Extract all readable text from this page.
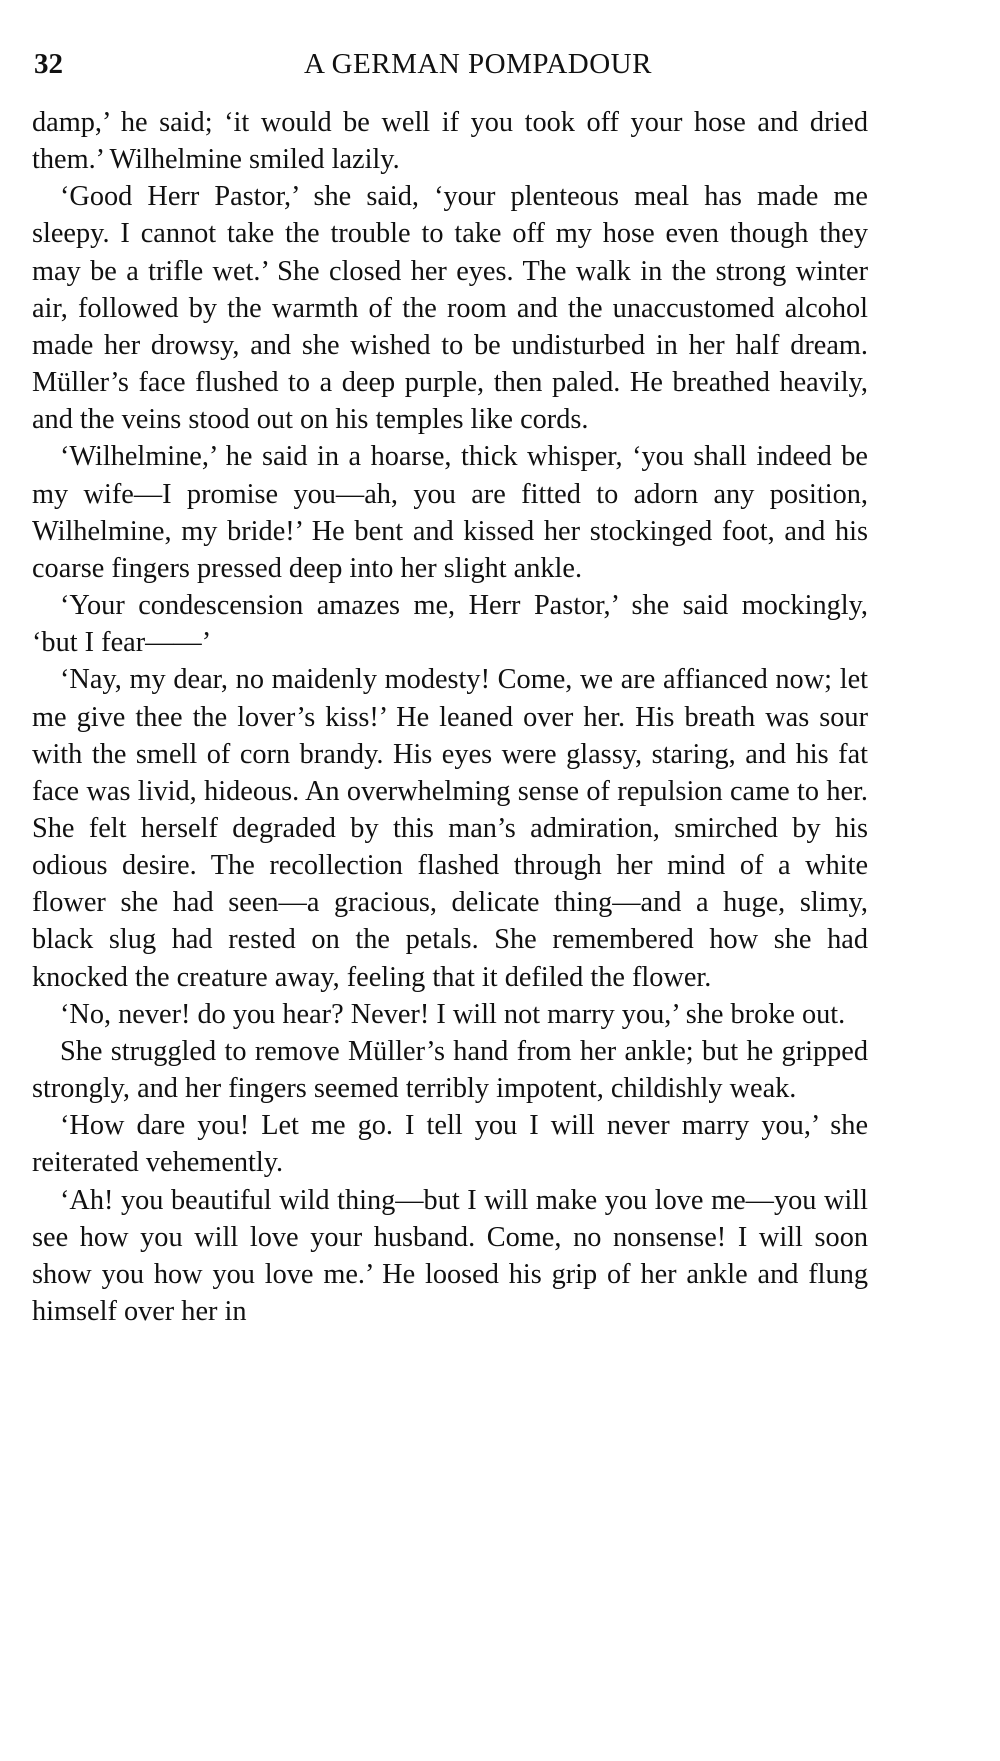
32	A GERMAN POMPADOUR

damp,’ he said; ‘it would be well if you took off your hose and dried them.’ Wilhelmine smiled lazily.

‘Good Herr Pastor,’ she said, ‘your plenteous meal has made me sleepy. I cannot take the trouble to take off my hose even though they may be a trifle wet.’ She closed her eyes. The walk in the strong winter air, followed by the warmth of the room and the unaccustomed alcohol made her drowsy, and she wished to be undisturbed in her half dream. Müller’s face flushed to a deep purple, then paled. He breathed heavily, and the veins stood out on his temples like cords.

‘Wilhelmine,’ he said in a hoarse, thick whisper, ‘you shall indeed be my wife—I promise you—ah, you are fitted to adorn any position, Wilhelmine, my bride!’ He bent and kissed her stockinged foot, and his coarse fingers pressed deep into her slight ankle.

‘Your condescension amazes me, Herr Pastor,’ she said mockingly, ‘but I fear——’

‘Nay, my dear, no maidenly modesty! Come, we are affianced now; let me give thee the lover’s kiss!’ He leaned over her. His breath was sour with the smell of corn brandy. His eyes were glassy, staring, and his fat face was livid, hideous. An overwhelming sense of repulsion came to her. She felt herself degraded by this man’s admiration, smirched by his odious desire. The recollection flashed through her mind of a white flower she had seen—a gracious, delicate thing—and a huge, slimy, black slug had rested on the petals. She remembered how she had knocked the creature away, feeling that it defiled the flower.

‘No, never! do you hear? Never! I will not marry you,’ she broke out.

She struggled to remove Müller’s hand from her ankle; but he gripped strongly, and her fingers seemed terribly impotent, childishly weak.

‘How dare you! Let me go. I tell you I will never marry you,’ she reiterated vehemently.

‘Ah! you beautiful wild thing—but I will make you love me—you will see how you will love your husband. Come, no nonsense! I will soon show you how you love me.’ He loosed his grip of her ankle and flung himself over her in
